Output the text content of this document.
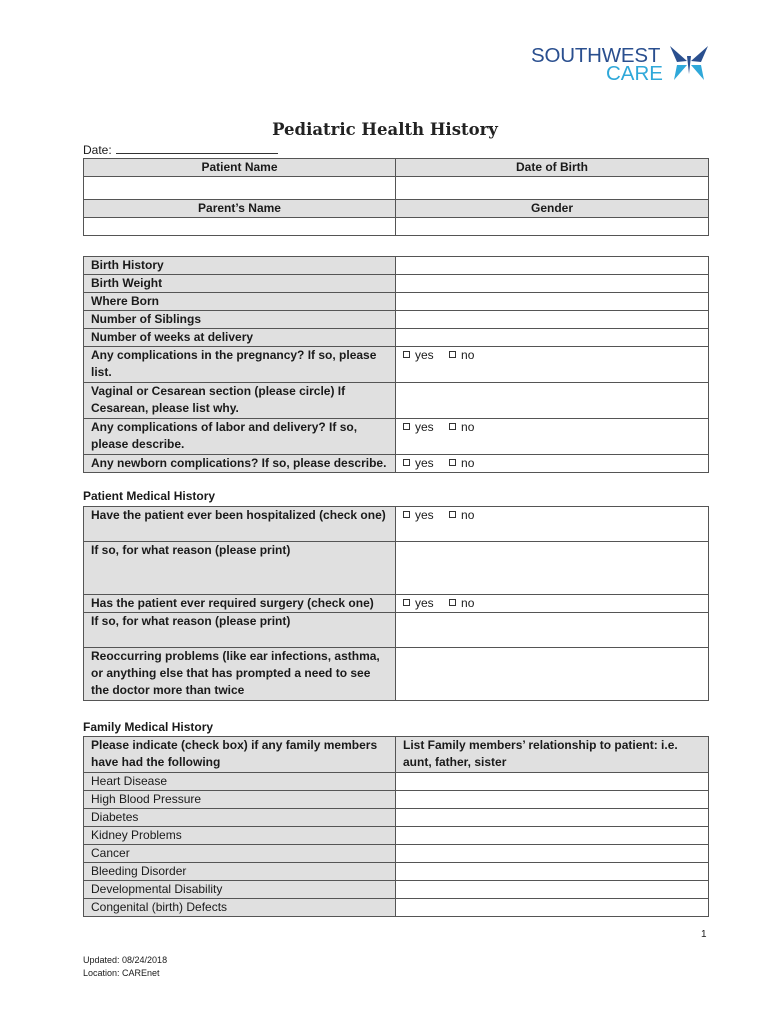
SOUTHWEST
CARE
Pediatric Health History
Date:
Patient Name	Date of Birth

Parent’s Name	Gender

Birth History	
Birth Weight	
Where Born	
Number of Siblings	
Number of weeks at delivery	
Any complications in the pregnancy? If so, please list.	yes no
Vaginal or Cesarean section (please circle) If Cesarean, please list why.	
Any complications of labor and delivery? If so, please describe.	yes no
Any newborn complications? If so, please describe.	yes no
Patient Medical History
Have the patient ever been hospitalized (check one)	yes no
If so, for what reason (please print)	
Has the patient ever required surgery (check one)	yes no
If so, for what reason (please print)	
Reoccurring problems (like ear infections, asthma, or anything else that has prompted a need to see the doctor more than twice	
Family Medical History
Please indicate (check box) if any family members have had the following	List Family members’ relationship to patient: i.e. aunt, father, sister
Heart Disease	
High Blood Pressure	
Diabetes	
Kidney Problems	
Cancer	
Bleeding Disorder	
Developmental Disability	
Congenital (birth) Defects	
1
Updated: 08/24/2018
Location: CAREnet
